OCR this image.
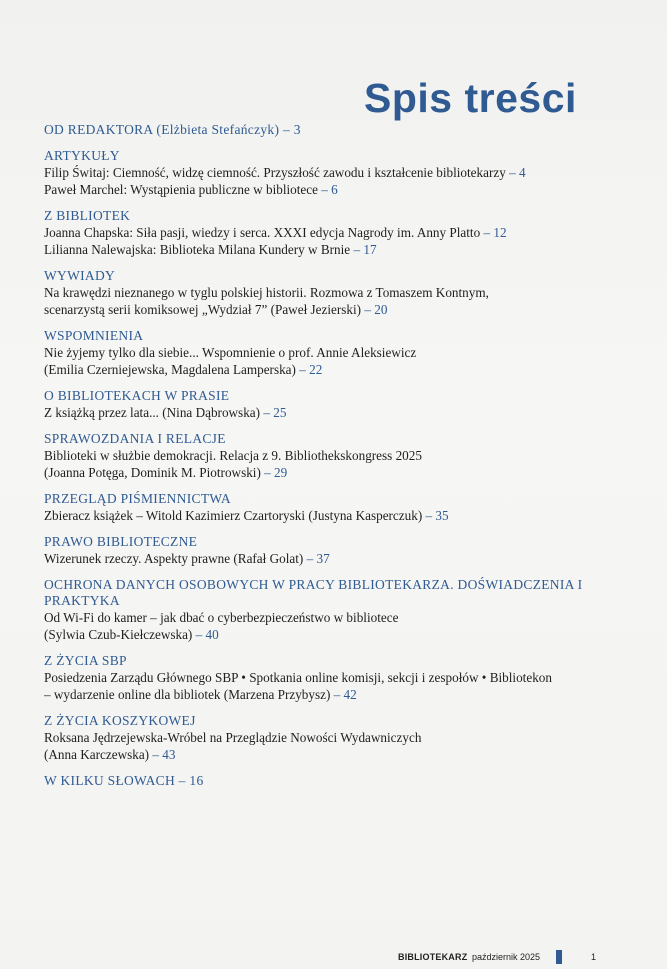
Spis treści
OD REDAKTORA (Elżbieta Stefańczyk) – 3
ARTYKUŁY
Filip Świtaj: Ciemność, widzę ciemność. Przyszłość zawodu i kształcenie bibliotekarzy – 4
Paweł Marchel: Wystąpienia publiczne w bibliotece – 6
Z BIBLIOTEK
Joanna Chapska: Siła pasji, wiedzy i serca. XXXI edycja Nagrody im. Anny Platto – 12
Lilianna Nalewajska: Biblioteka Milana Kundery w Brnie – 17
WYWIADY
Na krawędzi nieznanego w tyglu polskiej historii. Rozmowa z Tomaszem Kontnym,
scenarzystą serii komiksowej „Wydział 7” (Paweł Jezierski) – 20
WSPOMNIENIA
Nie żyjemy tylko dla siebie... Wspomnienie o prof. Annie Aleksiewicz
(Emilia Czerniejewska, Magdalena Lamperska) – 22
O BIBLIOTEKACH W PRASIE
Z książką przez lata... (Nina Dąbrowska) – 25
SPRAWOZDANIA I RELACJE
Biblioteki w służbie demokracji. Relacja z 9. Bibliothekskongress 2025
(Joanna Potęga, Dominik M. Piotrowski) – 29
PRZEGLĄD PIŚMIENNICTWA
Zbieracz książek – Witold Kazimierz Czartoryski (Justyna Kasperczuk) – 35
PRAWO BIBLIOTECZNE
Wizerunek rzeczy. Aspekty prawne (Rafał Golat) – 37
OCHRONA DANYCH OSOBOWYCH W PRACY BIBLIOTEKARZA. DOŚWIADCZENIA I PRAKTYKA
Od Wi-Fi do kamer – jak dbać o cyberbezpieczeństwo w bibliotece
(Sylwia Czub-Kiełczewska) – 40
Z ŻYCIA SBP
Posiedzenia Zarządu Głównego SBP • Spotkania online komisji, sekcji i zespołów • Bibliotekon
– wydarzenie online dla bibliotek (Marzena Przybysz) – 42
Z ŻYCIA KOSZYKOWEJ
Roksana Jędrzejewska-Wróbel na Przeglądzie Nowości Wydawniczych
(Anna Karczewska) – 43
W KILKU SŁOWACH – 16
BIBLIOTEKARZ październik 2025	1
